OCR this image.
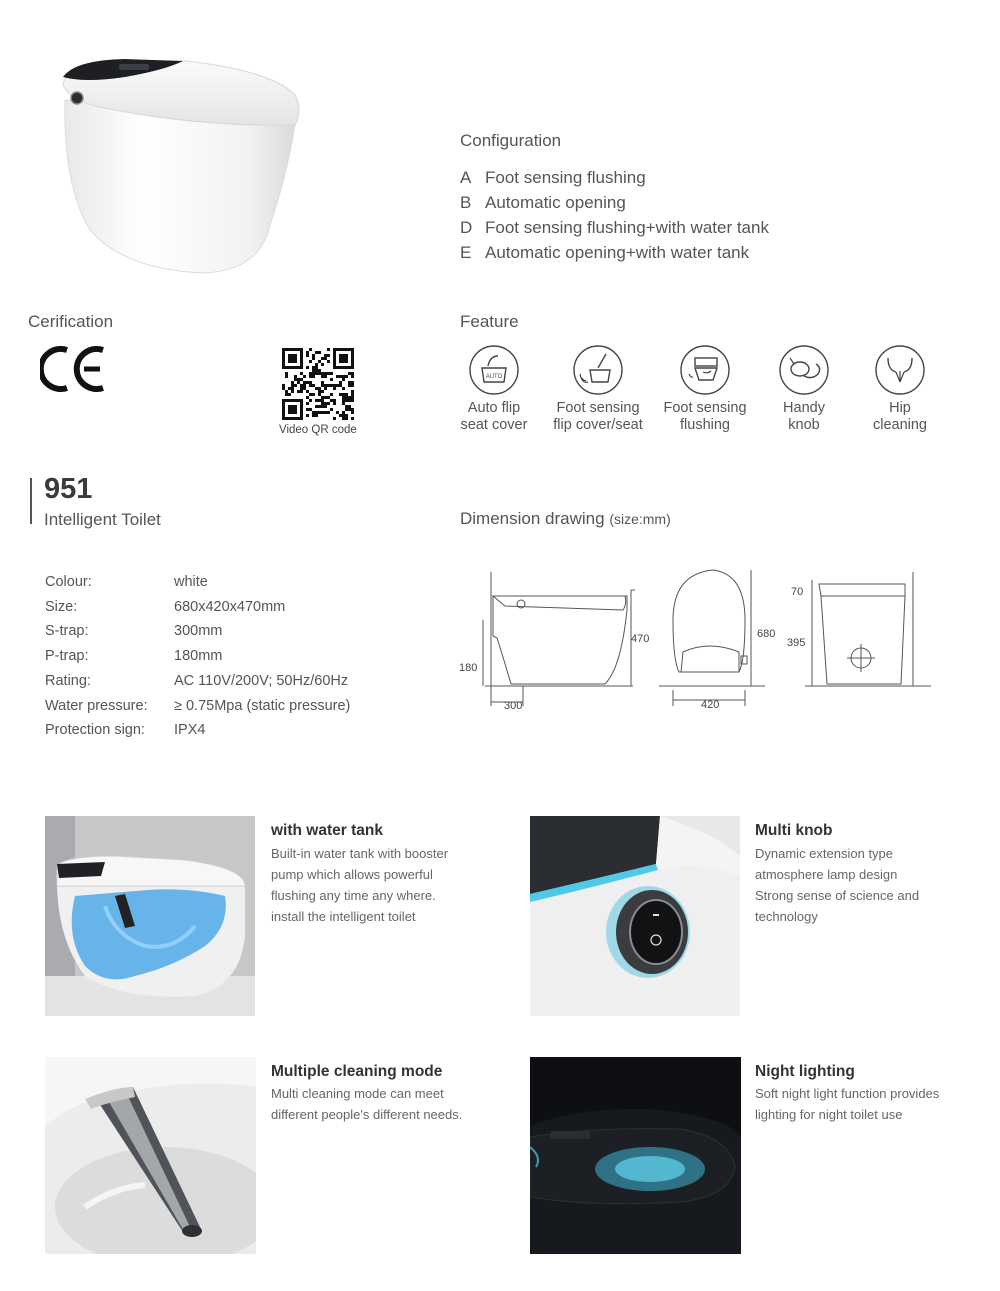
Configuration
A Foot sensing flushing
B Automatic opening
D Foot sensing flushing+with water tank
E Automatic opening+with water tank
Cerification
Video QR code
Feature
AUTO
Auto flip
seat cover
Foot sensing
flip cover/seat
Foot sensing
flushing
Handy
knob
Hip
cleaning
951
Intelligent Toilet	Dimension drawing (size:mm)
470
180
300
680
420
70
395
Colour:	white
Size:	680x420x470mm
S-trap:	300mm
P-trap:	180mm
Rating:	AC 110V/200V; 50Hz/60Hz
Water pressure:	≥ 0.75Mpa (static pressure)
Protection sign:	IPX4
with water tank
Built-in water tank with booster
pump which allows powerful
flushing any time any where.
install the intelligent toilet
Multi knob
Dynamic extension type
atmosphere lamp design
Strong sense of science and
technology
Multiple cleaning mode
Multi cleaning mode can meet
different people's different needs.
Night lighting
Soft night light function provides
lighting for night toilet use
